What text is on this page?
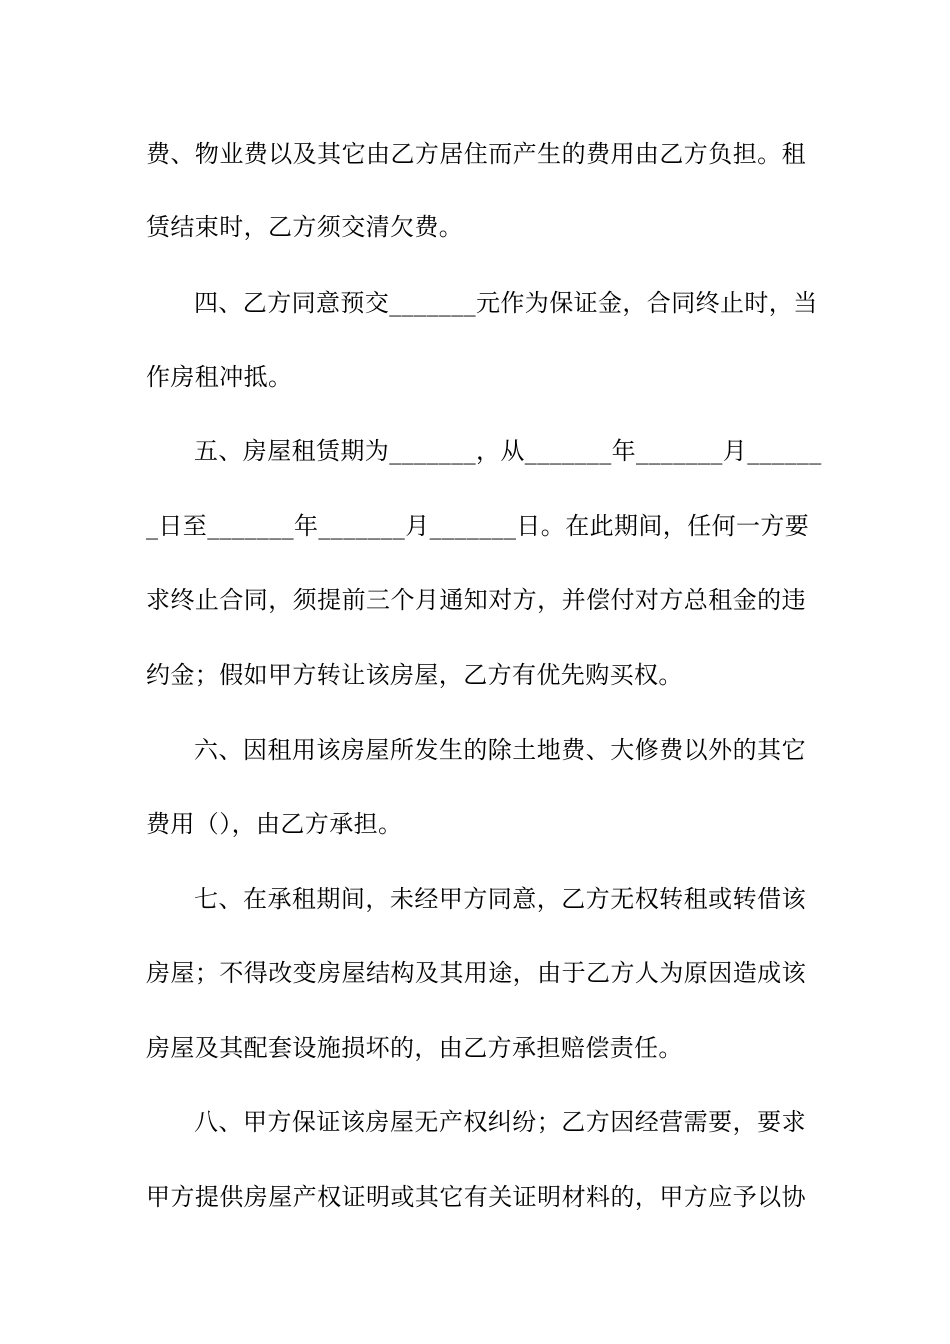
费、物业费以及其它由乙方居住而产生的费用由乙方负担。租
赁结束时，乙方须交清欠费。
四、乙方同意预交_______元作为保证金，合同终止时，当
作房租冲抵。
五、房屋租赁期为_______，从_______年_______月______
_日至_______年_______月_______日。在此期间，任何一方要
求终止合同，须提前三个月通知对方，并偿付对方总租金的违
约金；假如甲方转让该房屋，乙方有优先购买权。
六、因租用该房屋所发生的除土地费、大修费以外的其它
费用（），由乙方承担。
七、在承租期间，未经甲方同意，乙方无权转租或转借该
房屋；不得改变房屋结构及其用途，由于乙方人为原因造成该
房屋及其配套设施损坏的，由乙方承担赔偿责任。
八、甲方保证该房屋无产权纠纷；乙方因经营需要，要求
甲方提供房屋产权证明或其它有关证明材料的，甲方应予以协
